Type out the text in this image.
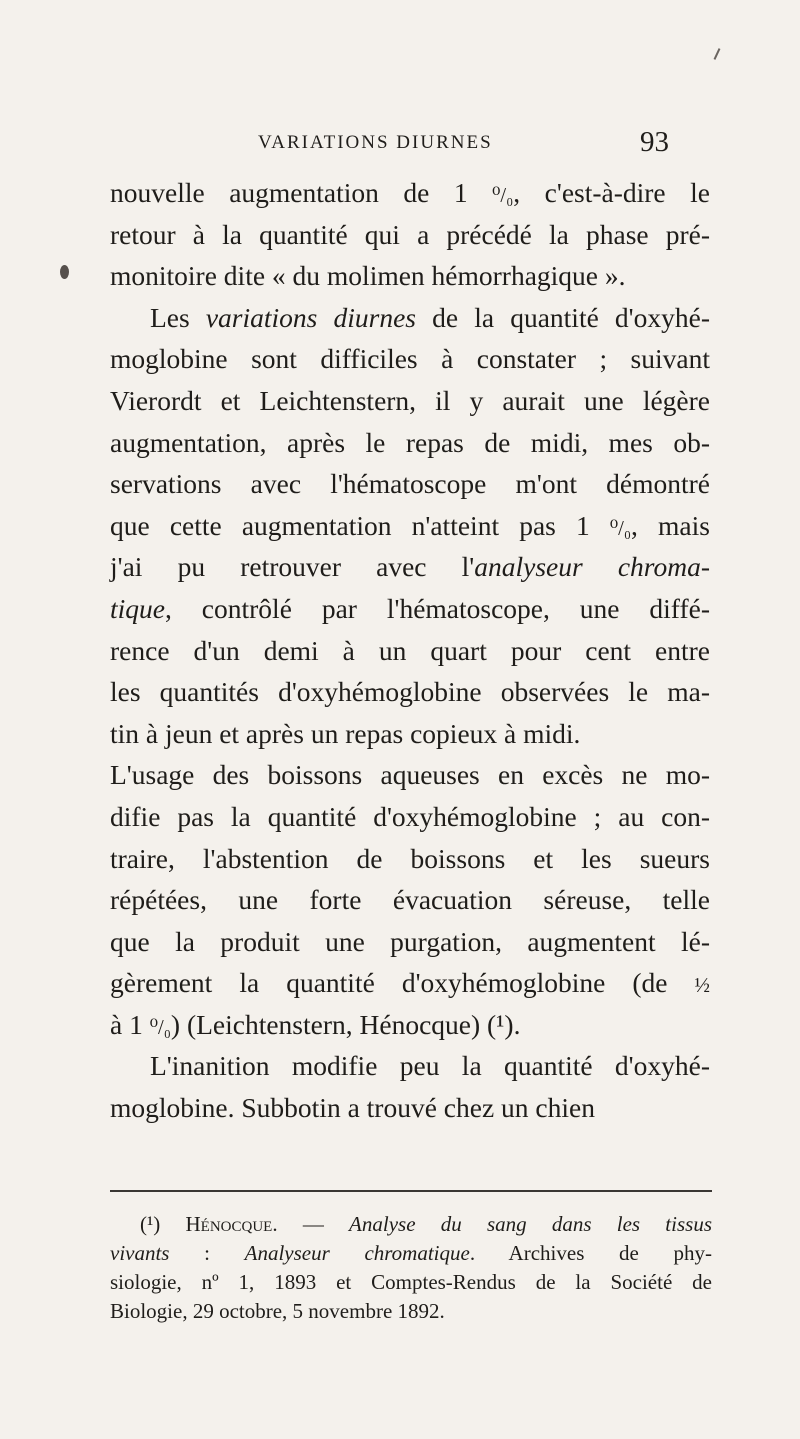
VARIATIONS DIURNES	93
nouvelle augmentation de 1 ⁰/₀, c'est-à-dire le
retour à la quantité qui a précédé la phase pré-
monitoire dite « du molimen hémorrhagique ».
Les variations diurnes de la quantité d'oxyhé-
moglobine sont difficiles à constater ; suivant
Vierordt et Leichtenstern, il y aurait une légère
augmentation, après le repas de midi, mes ob-
servations avec l'hématoscope m'ont démontré
que cette augmentation n'atteint pas 1 ⁰/₀, mais
j'ai pu retrouver avec l'analyseur chroma-
tique, contrôlé par l'hématoscope, une diffé-
rence d'un demi à un quart pour cent entre
les quantités d'oxyhémoglobine observées le ma-
tin à jeun et après un repas copieux à midi.
L'usage des boissons aqueuses en excès ne mo-
difie pas la quantité d'oxyhémoglobine ; au con-
traire, l'abstention de boissons et les sueurs
répétées, une forte évacuation séreuse, telle
que la produit une purgation, augmentent lé-
gèrement la quantité d'oxyhémoglobine (de ½
à 1 ⁰/₀) (Leichtenstern, Hénocque) (¹).
L'inanition modifie peu la quantité d'oxyhé-
moglobine. Subbotin a trouvé chez un chien
(¹) Hénocque. — Analyse du sang dans les tissus
vivants : Analyseur chromatique. Archives de phy-
siologie, nº 1, 1893 et Comptes-Rendus de la Société de
Biologie, 29 octobre, 5 novembre 1892.
